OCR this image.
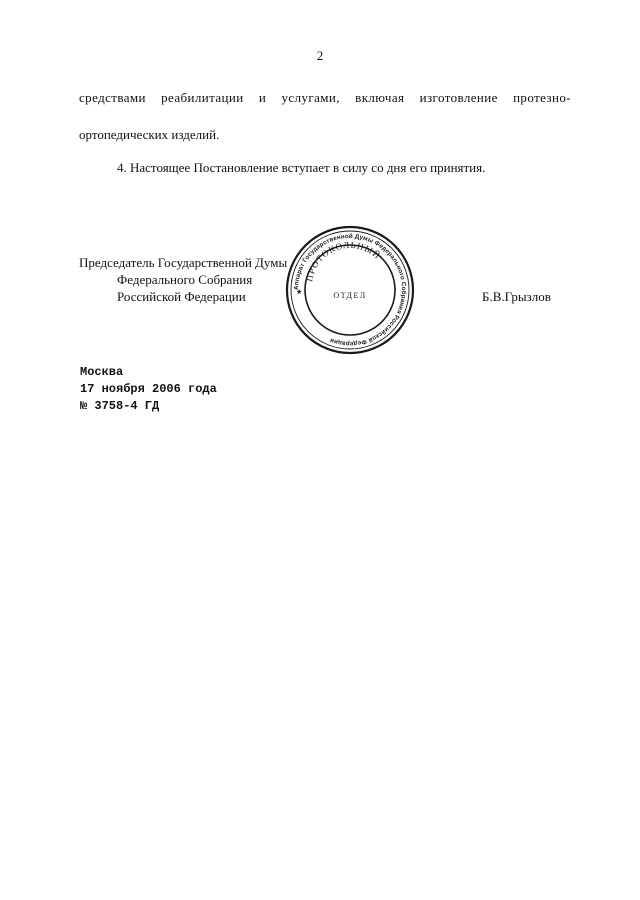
2
средствами реабилитации и услугами, включая изготовление протезно-
ортопедических изделий.
4. Настоящее Постановление вступает в силу со дня его принятия.
Председатель Государственной Думы
Федерального Собрания
Российской Федерации
Аппарат Государственной Думы Федерального Собрания Российской Федерации
ПРОТОКОЛЬНЫЙ
ОТДЕЛ
★	Б.В.Грызлов
Москва
17 ноября 2006 года
№ 3758-4 ГД
